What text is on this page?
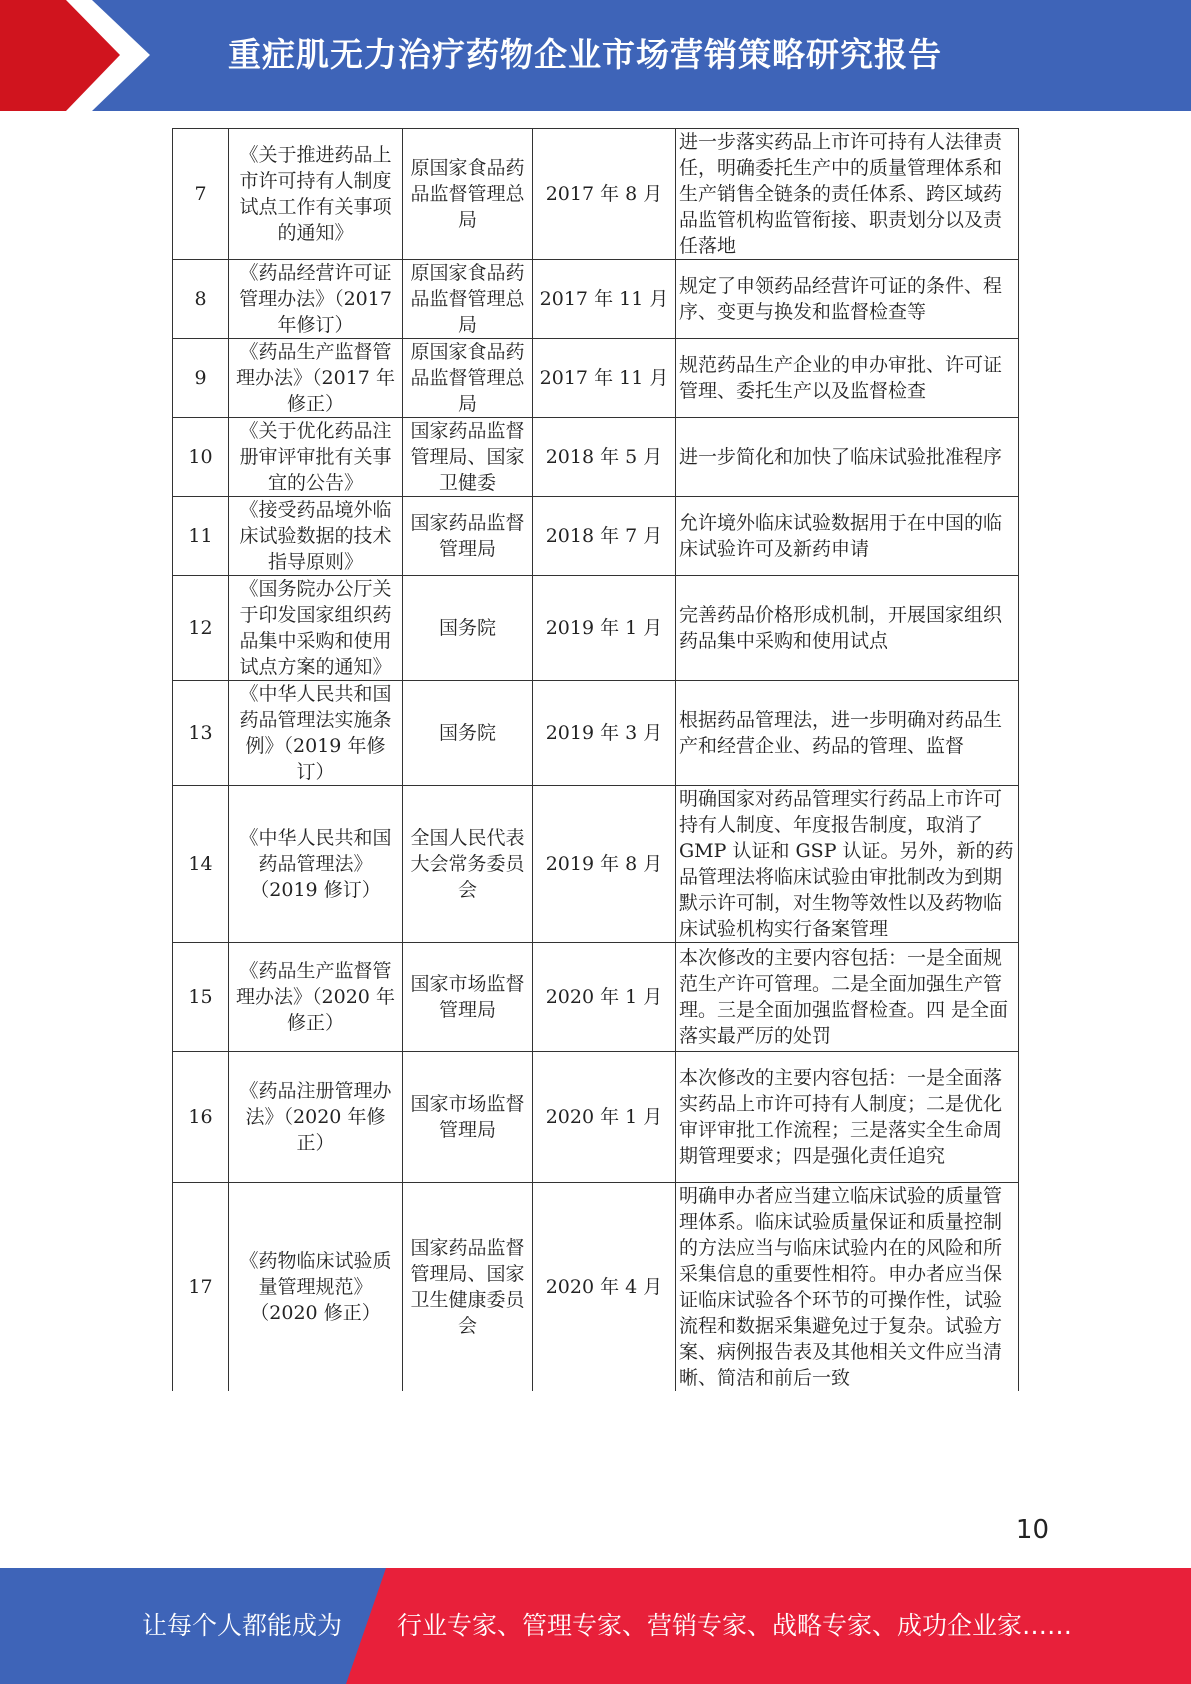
重症肌无力治疗药物企业市场营销策略研究报告
7	《关于推进药品上市许可持有人制度试点工作有关事项的通知》	原国家食品药品监督管理总局	2017 年 8 月	进一步落实药品上市许可持有人法律责任，明确委托生产中的质量管理体系和生产销售全链条的责任体系、跨区域药品监管机构监管衔接、职责划分以及责任落地
8	《药品经营许可证管理办法》（2017 年修订）	原国家食品药品监督管理总局	2017 年 11 月	规定了申领药品经营许可证的条件、程序、变更与换发和监督检查等
9	《药品生产监督管理办法》（2017 年修正）	原国家食品药品监督管理总局	2017 年 11 月	规范药品生产企业的申办审批、许可证管理、委托生产以及监督检查
10	《关于优化药品注册审评审批有关事宜的公告》	国家药品监督管理局、国家卫健委	2018 年 5 月	进一步简化和加快了临床试验批准程序
11	《接受药品境外临床试验数据的技术指导原则》	国家药品监督管理局	2018 年 7 月	允许境外临床试验数据用于在中国的临床试验许可及新药申请
12	《国务院办公厅关于印发国家组织药品集中采购和使用试点方案的通知》	国务院	2019 年 1 月	完善药品价格形成机制，开展国家组织药品集中采购和使用试点
13	《中华人民共和国药品管理法实施条例》（2019 年修订）	国务院	2019 年 3 月	根据药品管理法，进一步明确对药品生产和经营企业、药品的管理、监督
14	《中华人民共和国药品管理法》（2019 修订）	全国人民代表大会常务委员会	2019 年 8 月	明确国家对药品管理实行药品上市许可持有人制度、年度报告制度，取消了 GMP 认证和 GSP 认证。另外，新的药品管理法将临床试验由审批制改为到期默示许可制，对生物等效性以及药物临床试验机构实行备案管理
15	《药品生产监督管理办法》（2020 年修正）	国家市场监督管理局	2020 年 1 月	本次修改的主要内容包括：一是全面规范生产许可管理。二是全面加强生产管理。三是全面加强监督检查。四 是全面落实最严厉的处罚
16	《药品注册管理办法》（2020 年修正）	国家市场监督管理局	2020 年 1 月	本次修改的主要内容包括：一是全面落实药品上市许可持有人制度；二是优化审评审批工作流程；三是落实全生命周期管理要求；四是强化责任追究
17	《药物临床试验质量管理规范》（2020 修正）	国家药品监督管理局、国家卫生健康委员会	2020 年 4 月	明确申办者应当建立临床试验的质量管理体系。临床试验质量保证和质量控制的方法应当与临床试验内在的风险和所采集信息的重要性相符。申办者应当保证临床试验各个环节的可操作性，试验流程和数据采集避免过于复杂。试验方案、病例报告表及其他相关文件应当清晰、简洁和前后一致
10
让每个人都能成为 行业专家、管理专家、营销专家、战略专家、成功企业家……
